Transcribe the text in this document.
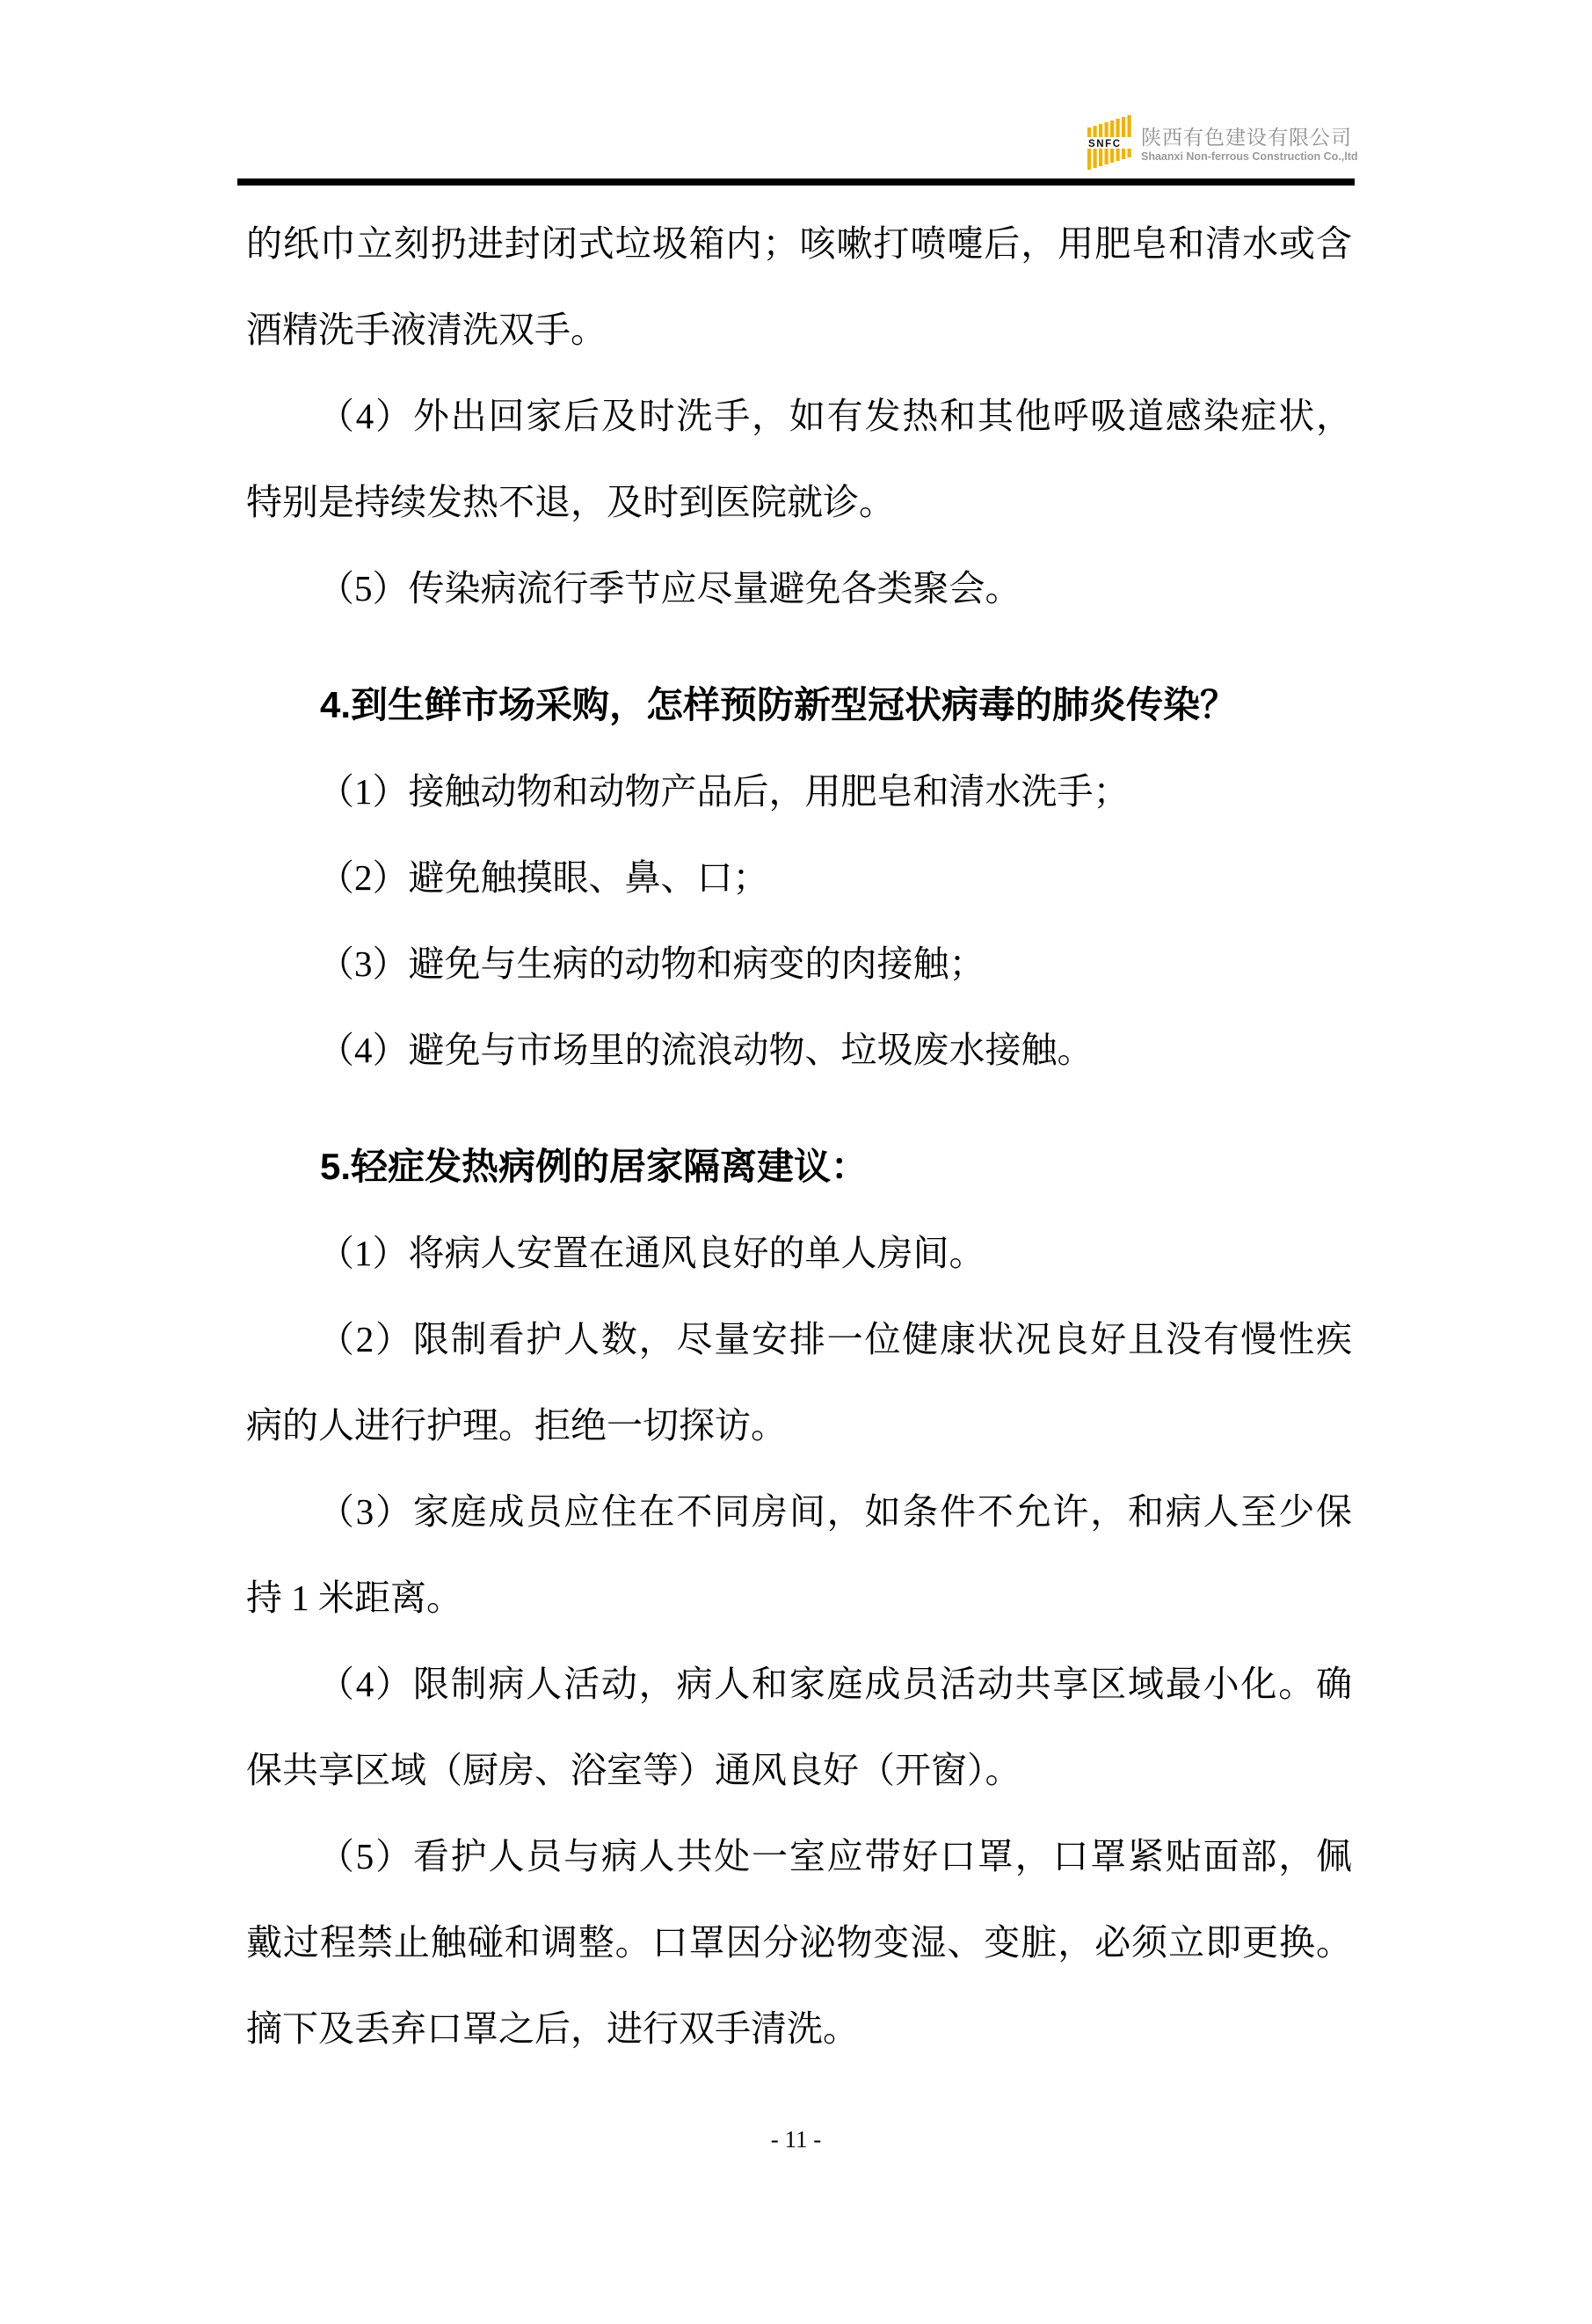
SNFC 陕西有色建设有限公司
Shaanxi Non-ferrous Construction Co.,ltd
的纸巾立刻扔进封闭式垃圾箱内；咳嗽打喷嚏后，用肥皂和清水或含
酒精洗手液清洗双手。
（4）外出回家后及时洗手，如有发热和其他呼吸道感染症状，
特别是持续发热不退，及时到医院就诊。
（5）传染病流行季节应尽量避免各类聚会。
4.到生鲜市场采购，怎样预防新型冠状病毒的肺炎传染？
（1）接触动物和动物产品后，用肥皂和清水洗手；
（2）避免触摸眼、鼻、口；
（3）避免与生病的动物和病变的肉接触；
（4）避免与市场里的流浪动物、垃圾废水接触。
5.轻症发热病例的居家隔离建议：
（1）将病人安置在通风良好的单人房间。
（2）限制看护人数，尽量安排一位健康状况良好且没有慢性疾
病的人进行护理。拒绝一切探访。
（3）家庭成员应住在不同房间，如条件不允许，和病人至少保
持 1 米距离。
（4）限制病人活动，病人和家庭成员活动共享区域最小化。确
保共享区域（厨房、浴室等）通风良好（开窗）。
（5）看护人员与病人共处一室应带好口罩，口罩紧贴面部，佩
戴过程禁止触碰和调整。口罩因分泌物变湿、变脏，必须立即更换。
摘下及丢弃口罩之后，进行双手清洗。
- 11 -
